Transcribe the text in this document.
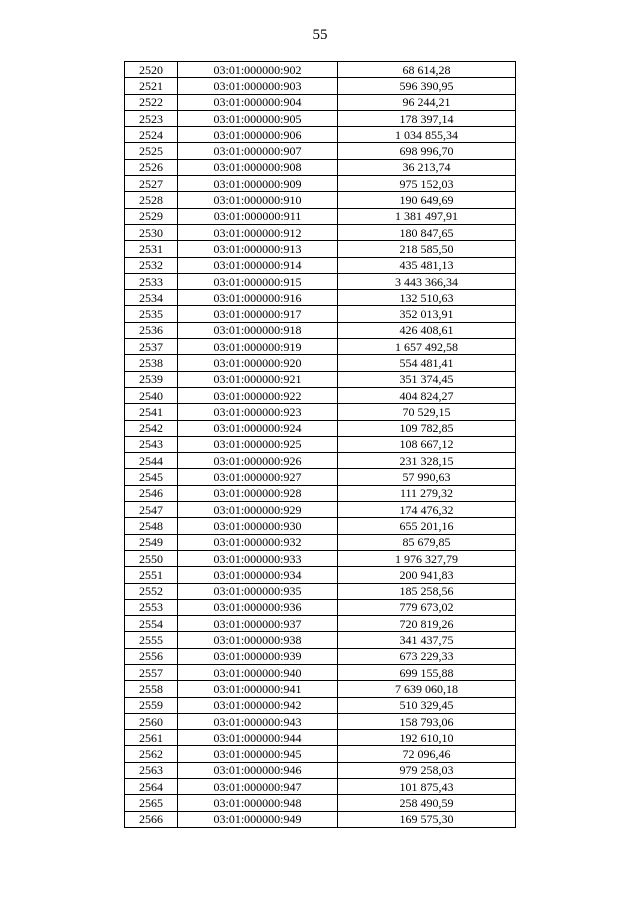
55
2520	03:01:000000:902	68 614,28
2521	03:01:000000:903	596 390,95
2522	03:01:000000:904	96 244,21
2523	03:01:000000:905	178 397,14
2524	03:01:000000:906	1 034 855,34
2525	03:01:000000:907	698 996,70
2526	03:01:000000:908	36 213,74
2527	03:01:000000:909	975 152,03
2528	03:01:000000:910	190 649,69
2529	03:01:000000:911	1 381 497,91
2530	03:01:000000:912	180 847,65
2531	03:01:000000:913	218 585,50
2532	03:01:000000:914	435 481,13
2533	03:01:000000:915	3 443 366,34
2534	03:01:000000:916	132 510,63
2535	03:01:000000:917	352 013,91
2536	03:01:000000:918	426 408,61
2537	03:01:000000:919	1 657 492,58
2538	03:01:000000:920	554 481,41
2539	03:01:000000:921	351 374,45
2540	03:01:000000:922	404 824,27
2541	03:01:000000:923	70 529,15
2542	03:01:000000:924	109 782,85
2543	03:01:000000:925	108 667,12
2544	03:01:000000:926	231 328,15
2545	03:01:000000:927	57 990,63
2546	03:01:000000:928	111 279,32
2547	03:01:000000:929	174 476,32
2548	03:01:000000:930	655 201,16
2549	03:01:000000:932	85 679,85
2550	03:01:000000:933	1 976 327,79
2551	03:01:000000:934	200 941,83
2552	03:01:000000:935	185 258,56
2553	03:01:000000:936	779 673,02
2554	03:01:000000:937	720 819,26
2555	03:01:000000:938	341 437,75
2556	03:01:000000:939	673 229,33
2557	03:01:000000:940	699 155,88
2558	03:01:000000:941	7 639 060,18
2559	03:01:000000:942	510 329,45
2560	03:01:000000:943	158 793,06
2561	03:01:000000:944	192 610,10
2562	03:01:000000:945	72 096,46
2563	03:01:000000:946	979 258,03
2564	03:01:000000:947	101 875,43
2565	03:01:000000:948	258 490,59
2566	03:01:000000:949	169 575,30
